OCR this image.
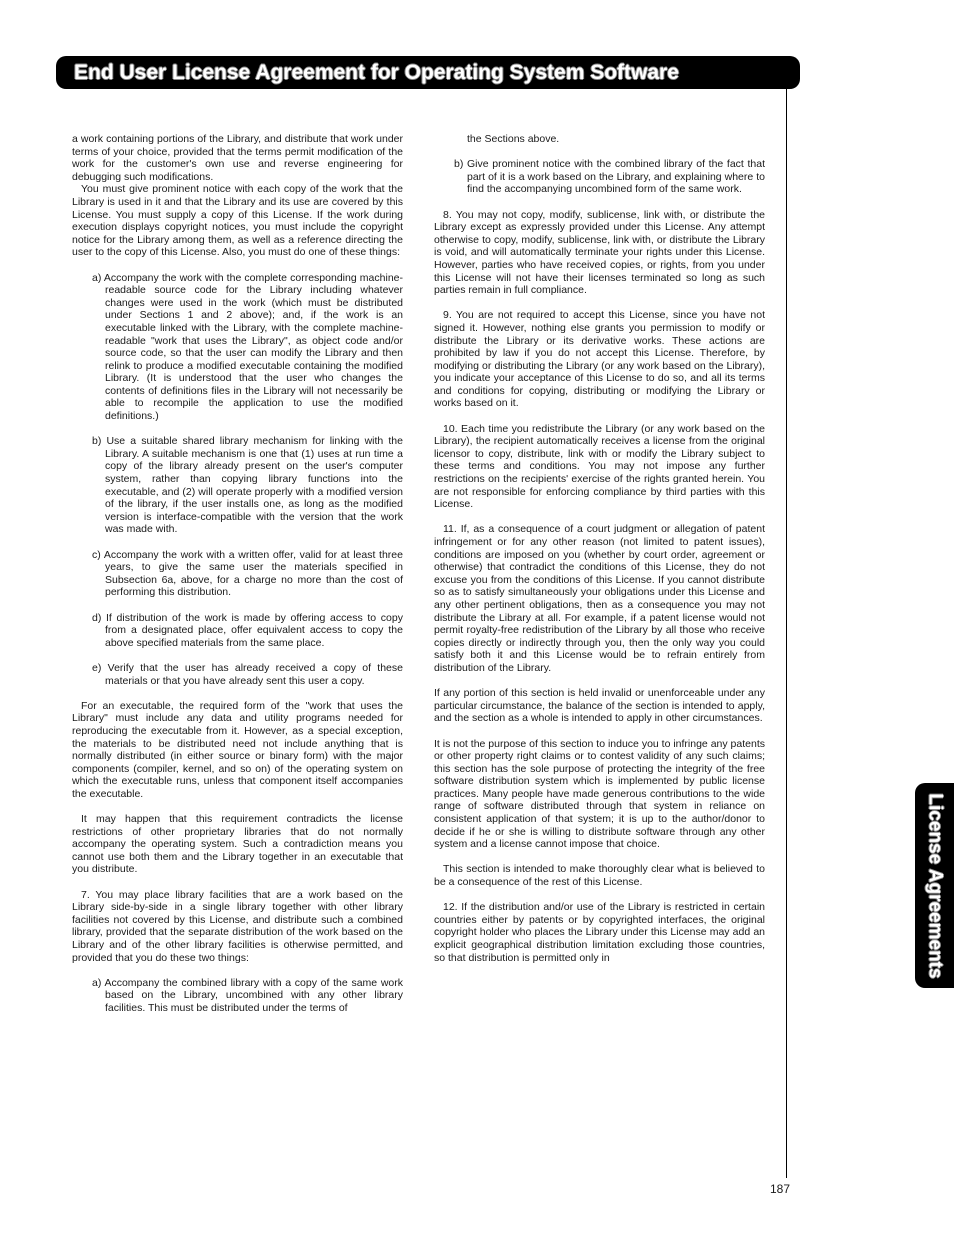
End User License Agreement for Operating System Software

a work containing portions of the Library, and distribute that work under terms of your choice, provided that the terms permit modification of the work for the customer's own use and reverse engineering for debugging such modifications.

You must give prominent notice with each copy of the work that the Library is used in it and that the Library and its use are covered by this License. You must supply a copy of this License. If the work during execution displays copyright notices, you must include the copyright notice for the Library among them, as well as a reference directing the user to the copy of this License. Also, you must do one of these things:

a) Accompany the work with the complete corresponding machine-readable source code for the Library including whatever changes were used in the work (which must be distributed under Sections 1 and 2 above); and, if the work is an executable linked with the Library, with the complete machine-readable "work that uses the Library", as object code and/or source code, so that the user can modify the Library and then relink to produce a modified executable containing the modified Library. (It is understood that the user who changes the contents of definitions files in the Library will not necessarily be able to recompile the application to use the modified definitions.)

b) Use a suitable shared library mechanism for linking with the Library. A suitable mechanism is one that (1) uses at run time a copy of the library already present on the user's computer system, rather than copying library functions into the executable, and (2) will operate properly with a modified version of the library, if the user installs one, as long as the modified version is interface-compatible with the version that the work was made with.

c) Accompany the work with a written offer, valid for at least three years, to give the same user the materials specified in Subsection 6a, above, for a charge no more than the cost of performing this distribution.

d) If distribution of the work is made by offering access to copy from a designated place, offer equivalent access to copy the above specified materials from the same place.

e) Verify that the user has already received a copy of these materials or that you have already sent this user a copy.

For an executable, the required form of the "work that uses the Library" must include any data and utility programs needed for reproducing the executable from it. However, as a special exception, the materials to be distributed need not include anything that is normally distributed (in either source or binary form) with the major components (compiler, kernel, and so on) of the operating system on which the executable runs, unless that component itself accompanies the executable.

It may happen that this requirement contradicts the license restrictions of other proprietary libraries that do not normally accompany the operating system. Such a contradiction means you cannot use both them and the Library together in an executable that you distribute.

7. You may place library facilities that are a work based on the Library side-by-side in a single library together with other library facilities not covered by this License, and distribute such a combined library, provided that the separate distribution of the work based on the Library and of the other library facilities is otherwise permitted, and provided that you do these two things:

a) Accompany the combined library with a copy of the same work based on the Library, uncombined with any other library facilities. This must be distributed under the terms of

the Sections above.

b) Give prominent notice with the combined library of the fact that part of it is a work based on the Library, and explaining where to find the accompanying uncombined form of the same work.

8. You may not copy, modify, sublicense, link with, or distribute the Library except as expressly provided under this License. Any attempt otherwise to copy, modify, sublicense, link with, or distribute the Library is void, and will automatically terminate your rights under this License. However, parties who have received copies, or rights, from you under this License will not have their licenses terminated so long as such parties remain in full compliance.

9. You are not required to accept this License, since you have not signed it. However, nothing else grants you permission to modify or distribute the Library or its derivative works. These actions are prohibited by law if you do not accept this License. Therefore, by modifying or distributing the Library (or any work based on the Library), you indicate your acceptance of this License to do so, and all its terms and conditions for copying, distributing or modifying the Library or works based on it.

10. Each time you redistribute the Library (or any work based on the Library), the recipient automatically receives a license from the original licensor to copy, distribute, link with or modify the Library subject to these terms and conditions. You may not impose any further restrictions on the recipients' exercise of the rights granted herein. You are not responsible for enforcing compliance by third parties with this License.

11. If, as a consequence of a court judgment or allegation of patent infringement or for any other reason (not limited to patent issues), conditions are imposed on you (whether by court order, agreement or otherwise) that contradict the conditions of this License, they do not excuse you from the conditions of this License. If you cannot distribute so as to satisfy simultaneously your obligations under this License and any other pertinent obligations, then as a consequence you may not distribute the Library at all. For example, if a patent license would not permit royalty-free redistribution of the Library by all those who receive copies directly or indirectly through you, then the only way you could satisfy both it and this License would be to refrain entirely from distribution of the Library.

If any portion of this section is held invalid or unenforceable under any particular circumstance, the balance of the section is intended to apply, and the section as a whole is intended to apply in other circumstances.

It is not the purpose of this section to induce you to infringe any patents or other property right claims or to contest validity of any such claims; this section has the sole purpose of protecting the integrity of the free software distribution system which is implemented by public license practices. Many people have made generous contributions to the wide range of software distributed through that system in reliance on consistent application of that system; it is up to the author/donor to decide if he or she is willing to distribute software through any other system and a license cannot impose that choice.

This section is intended to make thoroughly clear what is believed to be a consequence of the rest of this License.

12. If the distribution and/or use of the Library is restricted in certain countries either by patents or by copyrighted interfaces, the original copyright holder who places the Library under this License may add an explicit geographical distribution limitation excluding those countries, so that distribution is permitted only in	License Agreements
187
